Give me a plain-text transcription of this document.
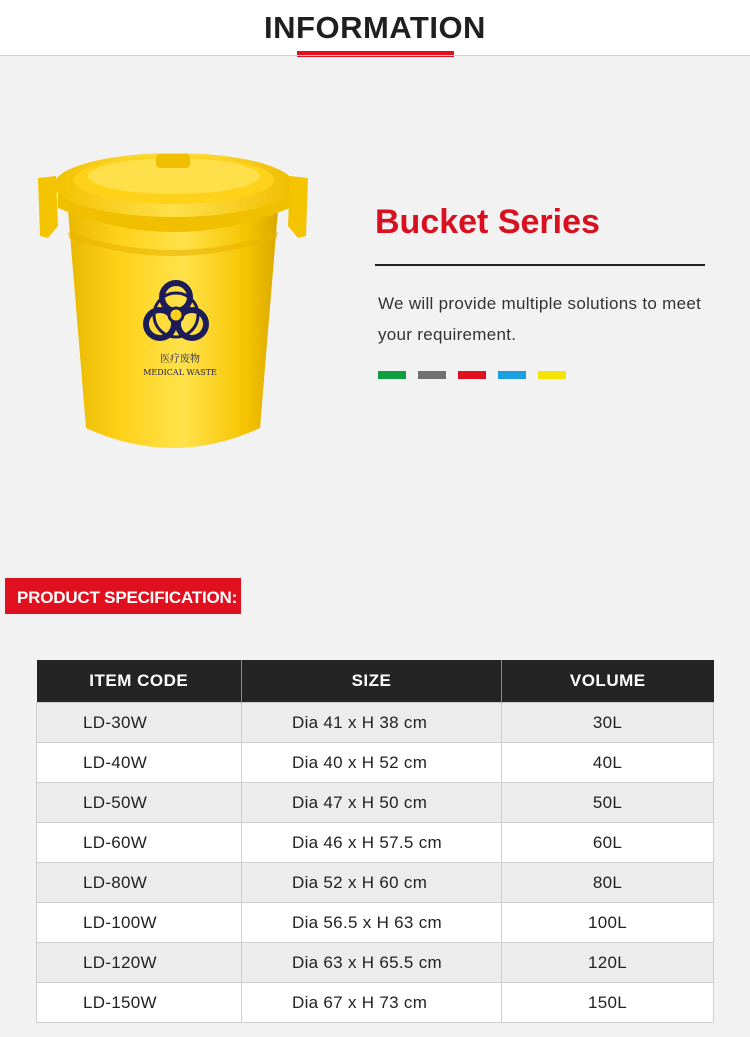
INFORMATION
医疗废物
MEDICAL WASTE
Bucket Series
We will provide multiple solutions to meet your requirement.
PRODUCT SPECIFICATION:
ITEM CODE	SIZE	VOLUME
LD-30W	Dia 41 x H 38 cm	30L
LD-40W	Dia 40 x H 52 cm	40L
LD-50W	Dia 47 x H 50 cm	50L
LD-60W	Dia 46 x H 57.5 cm	60L
LD-80W	Dia 52 x H 60 cm	80L
LD-100W	Dia 56.5 x H 63 cm	100L
LD-120W	Dia 63 x H 65.5 cm	120L
LD-150W	Dia 67 x H 73 cm	150L
